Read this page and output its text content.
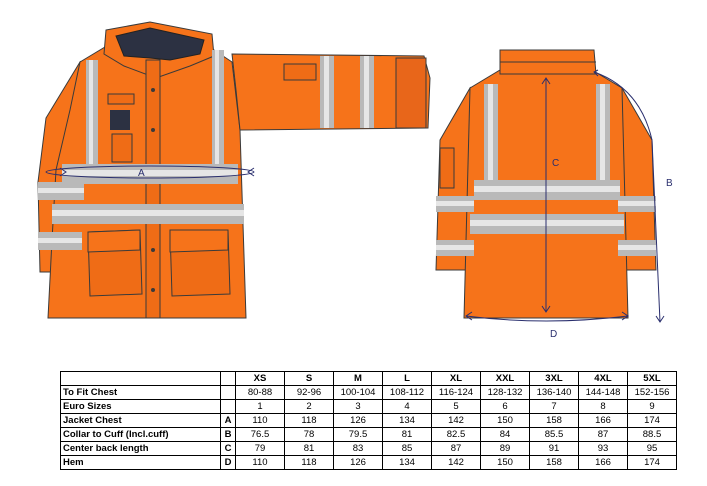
A
C
B
D
		XS	S	M	L	XL	XXL	3XL	4XL	5XL
To Fit Chest		80-88	92-96	100-104	108-112	116-124	128-132	136-140	144-148	152-156
Euro Sizes		1	2	3	4	5	6	7	8	9
Jacket Chest	A	110	118	126	134	142	150	158	166	174
Collar to Cuff (Incl.cuff)	B	76.5	78	79.5	81	82.5	84	85.5	87	88.5
Center back length	C	79	81	83	85	87	89	91	93	95
Hem	D	110	118	126	134	142	150	158	166	174
